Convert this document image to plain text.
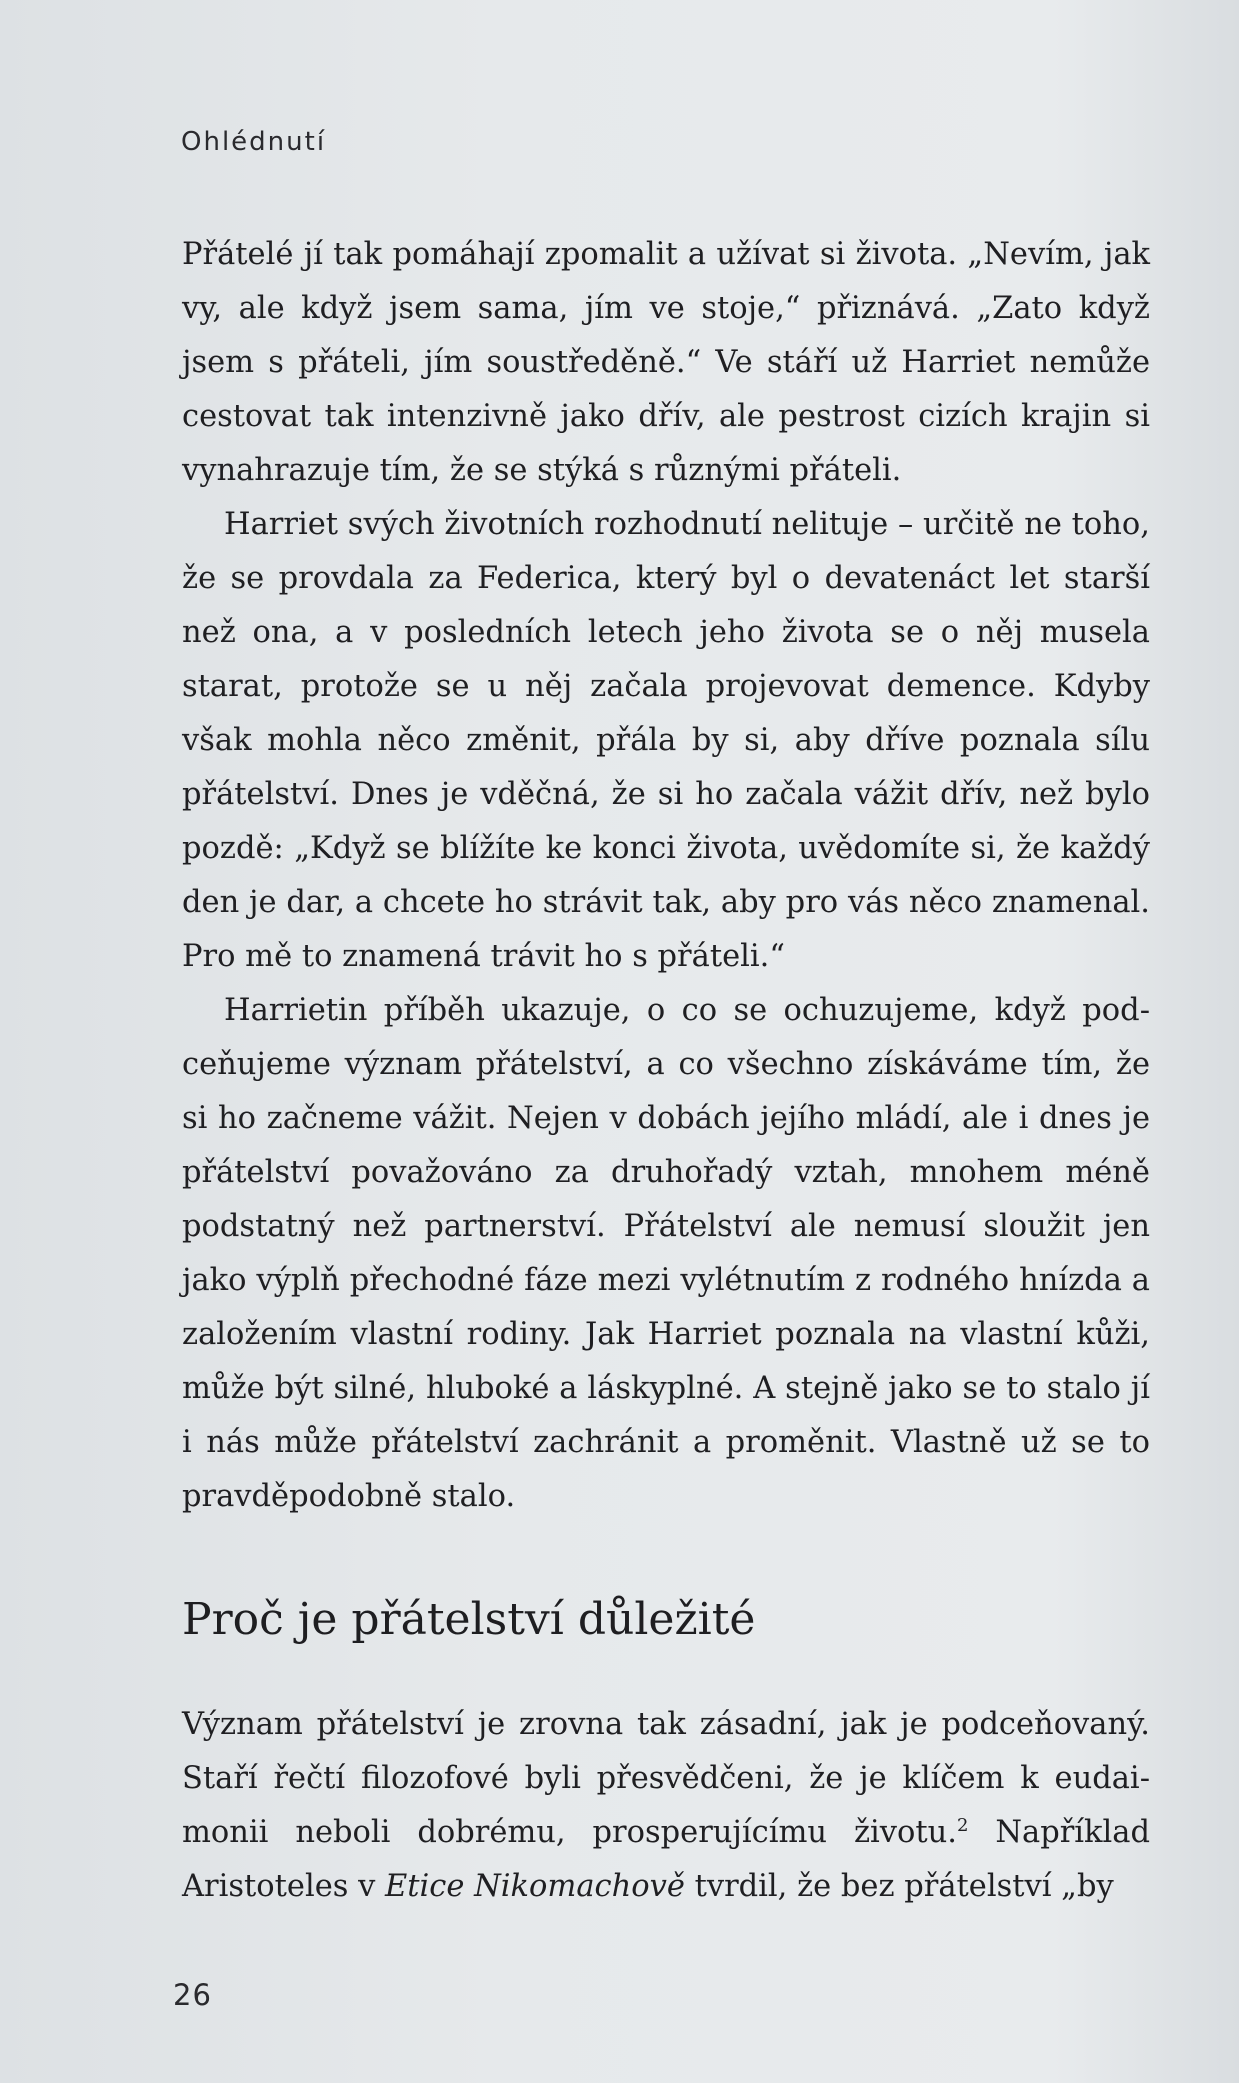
Ohlédnutí

Přátelé jí tak pomáhají zpomalit a užívat si života. „Nevím, jak vy, ale když jsem sama, jím ve stoje,“ přiznává. „Zato když jsem s přáteli, jím soustředěně.“ Ve stáří už Harriet nemůže cestovat tak intenzivně jako dřív, ale pestrost cizích krajin si vynahrazuje tím, že se stýká s různými přáteli.

Harriet svých životních rozhodnutí nelituje – určitě ne toho, že se provdala za Federica, který byl o devatenáct let starší než ona, a v posledních letech jeho života se o něj musela starat, protože se u něj začala projevovat demence. Kdyby však mohla něco změnit, přála by si, aby dříve poznala sílu přátelství. Dnes je vděčná, že si ho začala vážit dřív, než bylo pozdě: „Když se blížíte ke konci života, uvědomíte si, že každý den je dar, a chcete ho strávit tak, aby pro vás něco znamenal. Pro mě to znamená trávit ho s přáteli.“

Harrietin příběh ukazuje, o co se ochuzujeme, když podceňujeme význam přátelství, a co všechno získáváme tím, že si ho začneme vážit. Nejen v dobách jejího mládí, ale i dnes je přátelství považováno za druhořadý vztah, mnohem méně podstatný než partnerství. Přátelství ale nemusí sloužit jen jako výplň přechodné fáze mezi vylétnutím z rodného hnízda a založením vlastní rodiny. Jak Harriet poznala na vlastní kůži, může být silné, hluboké a láskyplné. A stejně jako se to stalo jí i nás může přátelství zachránit a proměnit. Vlastně už se to pravděpodobně stalo.

Proč je přátelství důležité

Význam přátelství je zrovna tak zásadní, jak je podceňovaný. Staří řečtí filozofové byli přesvědčeni, že je klíčem k eudaimonii neboli dobrému, prosperujícímu životu.$^2$ Například Aristoteles v Etice Nikomachově tvrdil, že bez přátelství „by

26
